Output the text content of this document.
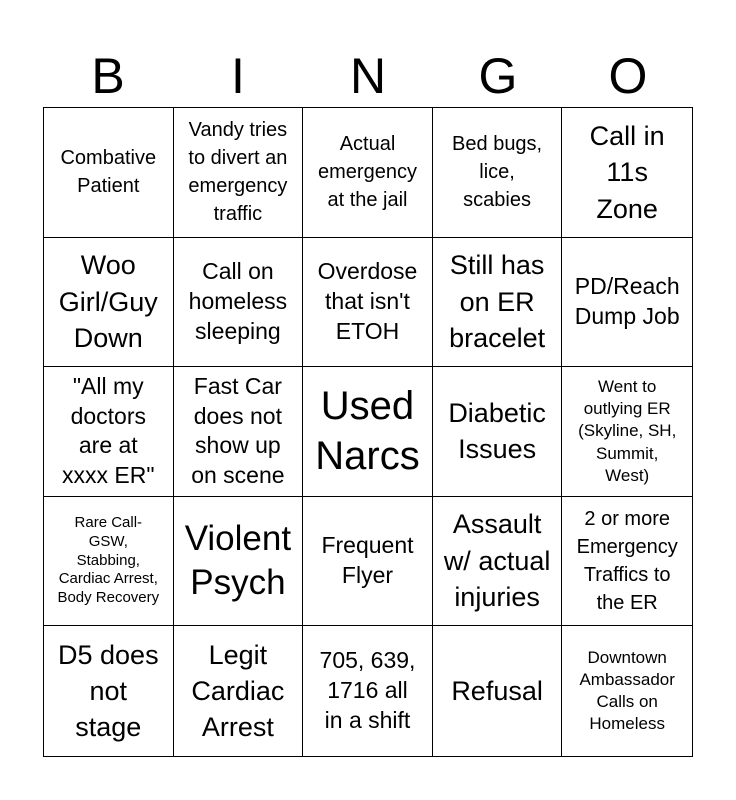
B	I	N	G	O
Combative
Patient
Vandy tries
to divert an
emergency
traffic
Actual
emergency
at the jail
Bed bugs,
lice,
scabies
Call in
11s
Zone
Woo
Girl/Guy
Down
Call on
homeless
sleeping
Overdose
that isn't
ETOH
Still has
on ER
bracelet
PD/Reach
Dump Job
"All my
doctors
are at
xxxx ER"
Fast Car
does not
show up
on scene
Used
Narcs
Diabetic
Issues
Went to
outlying ER
(Skyline, SH,
Summit,
West)
Rare Call-
GSW,
Stabbing,
Cardiac Arrest,
Body Recovery
Violent
Psych
Frequent
Flyer
Assault
w/ actual
injuries
2 or more
Emergency
Traffics to
the ER
D5 does
not
stage
Legit
Cardiac
Arrest
705, 639,
1716 all
in a shift
Refusal
Downtown
Ambassador
Calls on
Homeless
